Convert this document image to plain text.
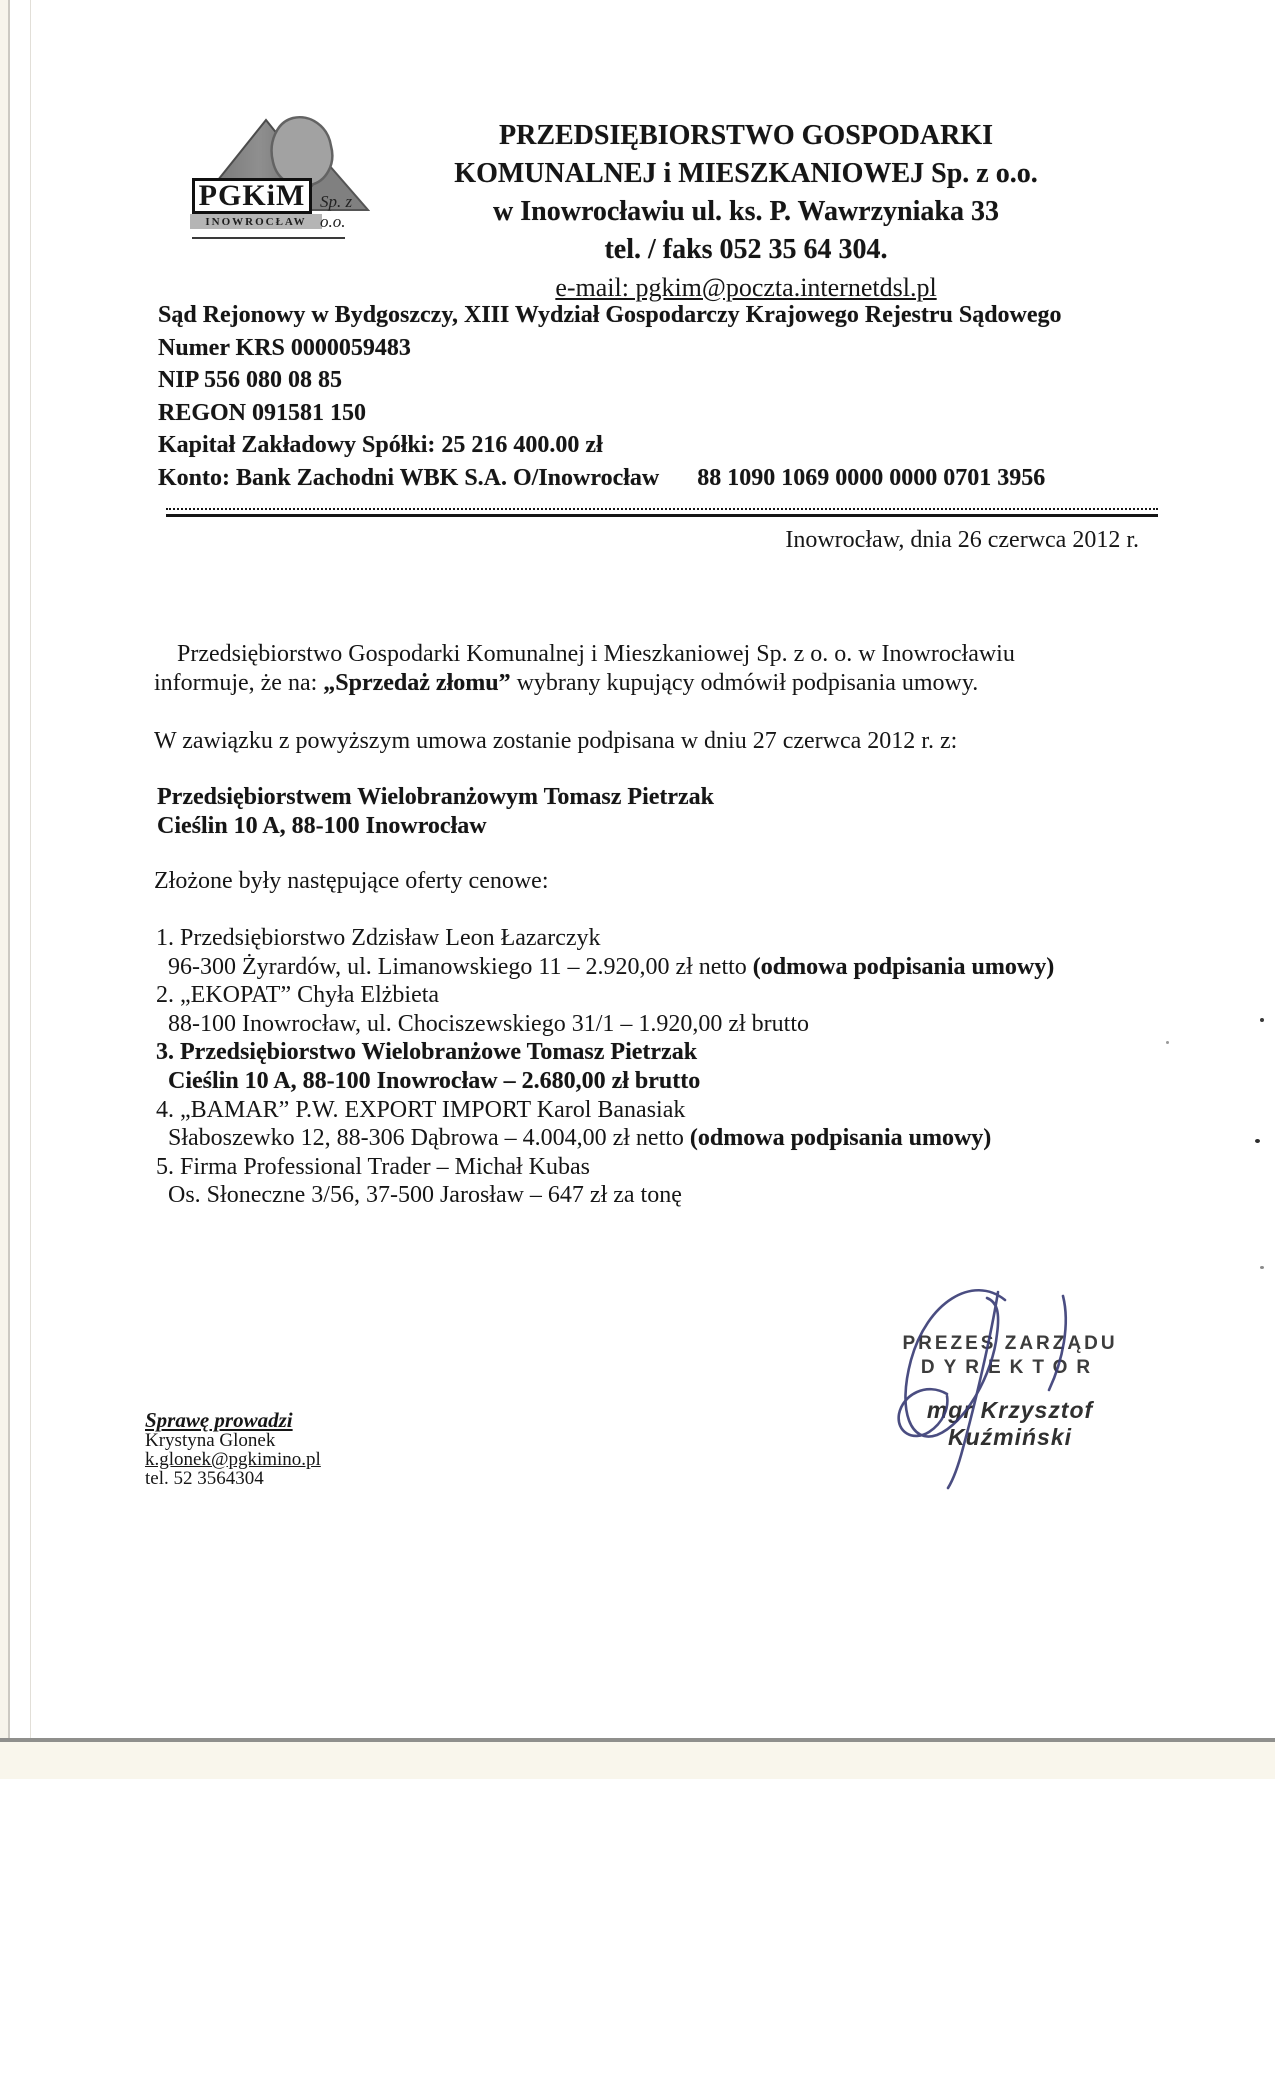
PGKiM
INOWROCŁAW
Sp. z o.o.
PRZEDSIĘBIORSTWO GOSPODARKI
KOMUNALNEJ i MIESZKANIOWEJ Sp. z o.o.
w Inowrocławiu ul. ks. P. Wawrzyniaka 33
tel. / faks 052 35 64 304.
e-mail: pgkim@poczta.internetdsl.pl
Sąd Rejonowy w Bydgoszczy, XIII Wydział Gospodarczy Krajowego Rejestru Sądowego
Numer KRS 0000059483
NIP 556 080 08 85
REGON 091581 150
Kapitał Zakładowy Spółki: 25 216 400.00 zł
Konto: Bank Zachodni WBK S.A. O/Inowrocław 88 1090 1069 0000 0000 0701 3956
Inowrocław, dnia 26 czerwca 2012 r.
Przedsiębiorstwo Gospodarki Komunalnej i Mieszkaniowej Sp. z o. o. w Inowrocławiu
informuje, że na: „Sprzedaż złomu” wybrany kupujący odmówił podpisania umowy.
W zawiązku z powyższym umowa zostanie podpisana w dniu 27 czerwca 2012 r. z:
Przedsiębiorstwem Wielobranżowym Tomasz Pietrzak
Cieślin 10 A, 88-100 Inowrocław
Złożone były następujące oferty cenowe:
1. Przedsiębiorstwo Zdzisław Leon Łazarczyk
96-300 Żyrardów, ul. Limanowskiego 11 – 2.920,00 zł netto (odmowa podpisania umowy)
2. „EKOPAT” Chyła Elżbieta
88-100 Inowrocław, ul. Chociszewskiego 31/1 – 1.920,00 zł brutto
3. Przedsiębiorstwo Wielobranżowe Tomasz Pietrzak
Cieślin 10 A, 88-100 Inowrocław – 2.680,00 zł brutto
4. „BAMAR” P.W. EXPORT IMPORT Karol Banasiak
Słaboszewko 12, 88-306 Dąbrowa – 4.004,00 zł netto (odmowa podpisania umowy)
5. Firma Professional Trader – Michał Kubas
Os. Słoneczne 3/56, 37-500 Jarosław – 647 zł za tonę
PREZES ZARZĄDU
DYREKTOR
mgr Krzysztof Kuźmiński
Sprawę prowadzi
Krystyna Glonek
k.glonek@pgkimino.pl
tel. 52 3564304
